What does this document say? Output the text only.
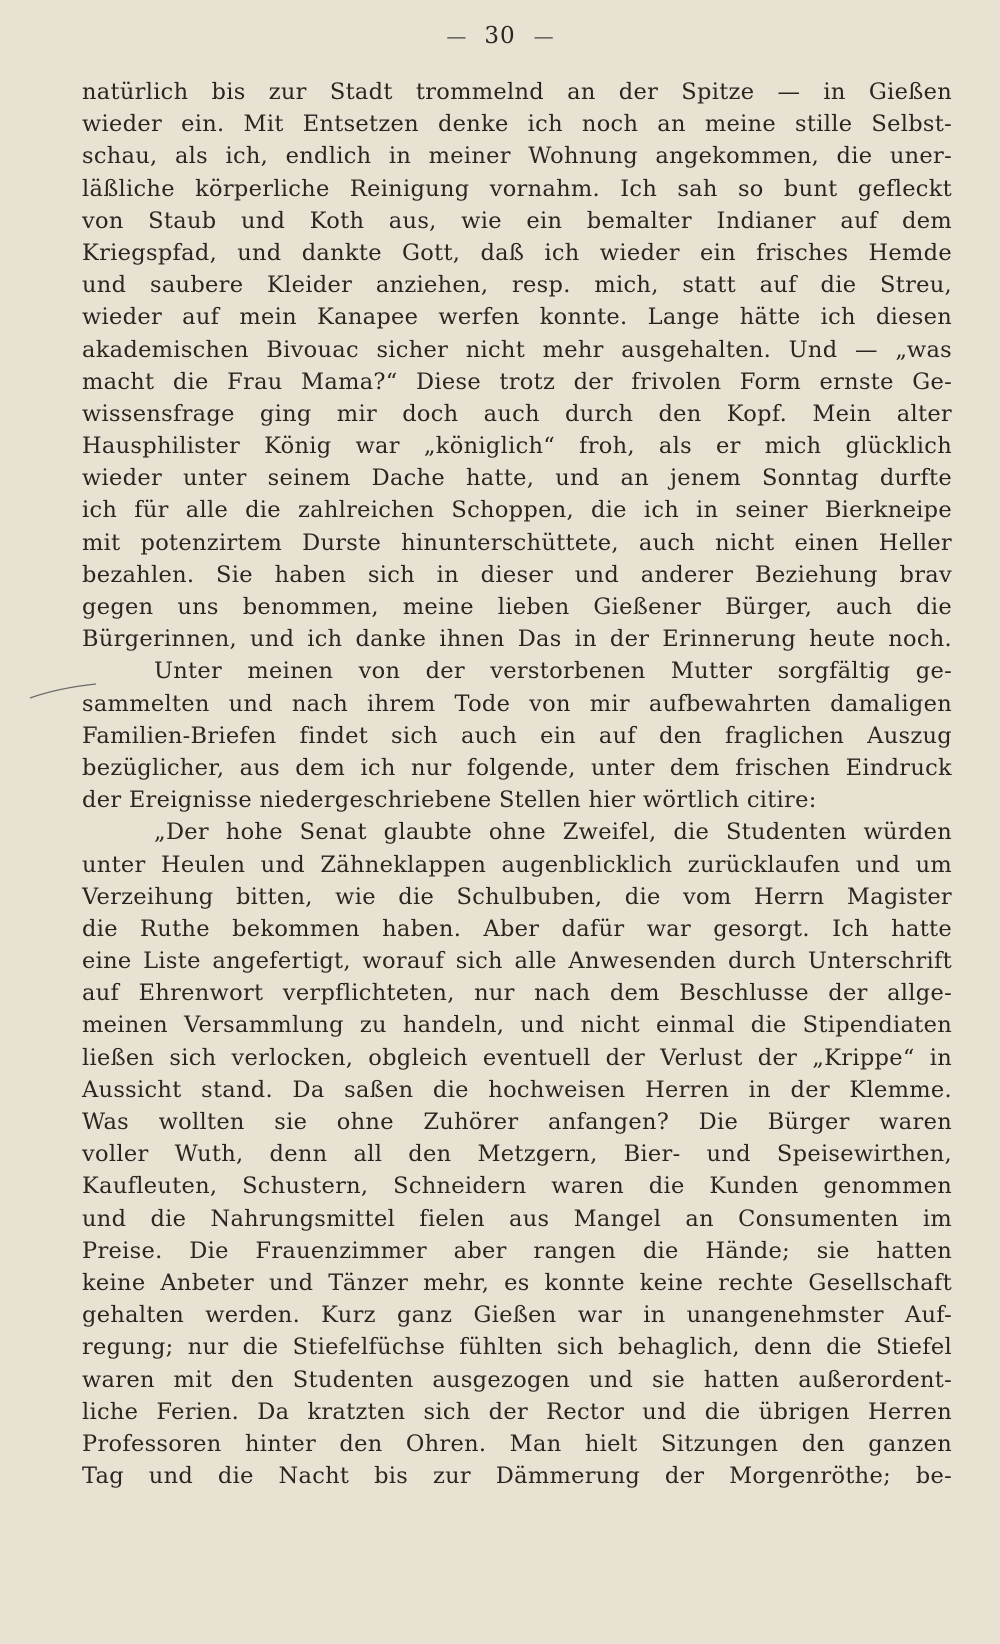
— 30 —
natürlich bis zur Stadt trommelnd an der Spitze — in Gießen
wieder ein. Mit Entsetzen denke ich noch an meine stille Selbst-
schau, als ich, endlich in meiner Wohnung angekommen, die uner-
läßliche körperliche Reinigung vornahm. Ich sah so bunt gefleckt
von Staub und Koth aus, wie ein bemalter Indianer auf dem
Kriegspfad, und dankte Gott, daß ich wieder ein frisches Hemde
und saubere Kleider anziehen, resp. mich, statt auf die Streu,
wieder auf mein Kanapee werfen konnte. Lange hätte ich diesen
akademischen Bivouac sicher nicht mehr ausgehalten. Und — „was
macht die Frau Mama?“ Diese trotz der frivolen Form ernste Ge-
wissensfrage ging mir doch auch durch den Kopf. Mein alter
Hausphilister König war „königlich“ froh, als er mich glücklich
wieder unter seinem Dache hatte, und an jenem Sonntag durfte
ich für alle die zahlreichen Schoppen, die ich in seiner Bierkneipe
mit potenzirtem Durste hinunterschüttete, auch nicht einen Heller
bezahlen. Sie haben sich in dieser und anderer Beziehung brav
gegen uns benommen, meine lieben Gießener Bürger, auch die
Bürgerinnen, und ich danke ihnen Das in der Erinnerung heute noch.
Unter meinen von der verstorbenen Mutter sorgfältig ge-
sammelten und nach ihrem Tode von mir aufbewahrten damaligen
Familien-Briefen findet sich auch ein auf den fraglichen Auszug
bezüglicher, aus dem ich nur folgende, unter dem frischen Eindruck
der Ereignisse niedergeschriebene Stellen hier wörtlich citire:
„Der hohe Senat glaubte ohne Zweifel, die Studenten würden
unter Heulen und Zähneklappen augenblicklich zurücklaufen und um
Verzeihung bitten, wie die Schulbuben, die vom Herrn Magister
die Ruthe bekommen haben. Aber dafür war gesorgt. Ich hatte
eine Liste angefertigt, worauf sich alle Anwesenden durch Unterschrift
auf Ehrenwort verpflichteten, nur nach dem Beschlusse der allge-
meinen Versammlung zu handeln, und nicht einmal die Stipendiaten
ließen sich verlocken, obgleich eventuell der Verlust der „Krippe“ in
Aussicht stand. Da saßen die hochweisen Herren in der Klemme.
Was wollten sie ohne Zuhörer anfangen? Die Bürger waren
voller Wuth, denn all den Metzgern, Bier- und Speisewirthen,
Kaufleuten, Schustern, Schneidern waren die Kunden genommen
und die Nahrungsmittel fielen aus Mangel an Consumenten im
Preise. Die Frauenzimmer aber rangen die Hände; sie hatten
keine Anbeter und Tänzer mehr, es konnte keine rechte Gesellschaft
gehalten werden. Kurz ganz Gießen war in unangenehmster Auf-
regung; nur die Stiefelfüchse fühlten sich behaglich, denn die Stiefel
waren mit den Studenten ausgezogen und sie hatten außerordent-
liche Ferien. Da kratzten sich der Rector und die übrigen Herren
Professoren hinter den Ohren. Man hielt Sitzungen den ganzen
Tag und die Nacht bis zur Dämmerung der Morgenröthe; be-
